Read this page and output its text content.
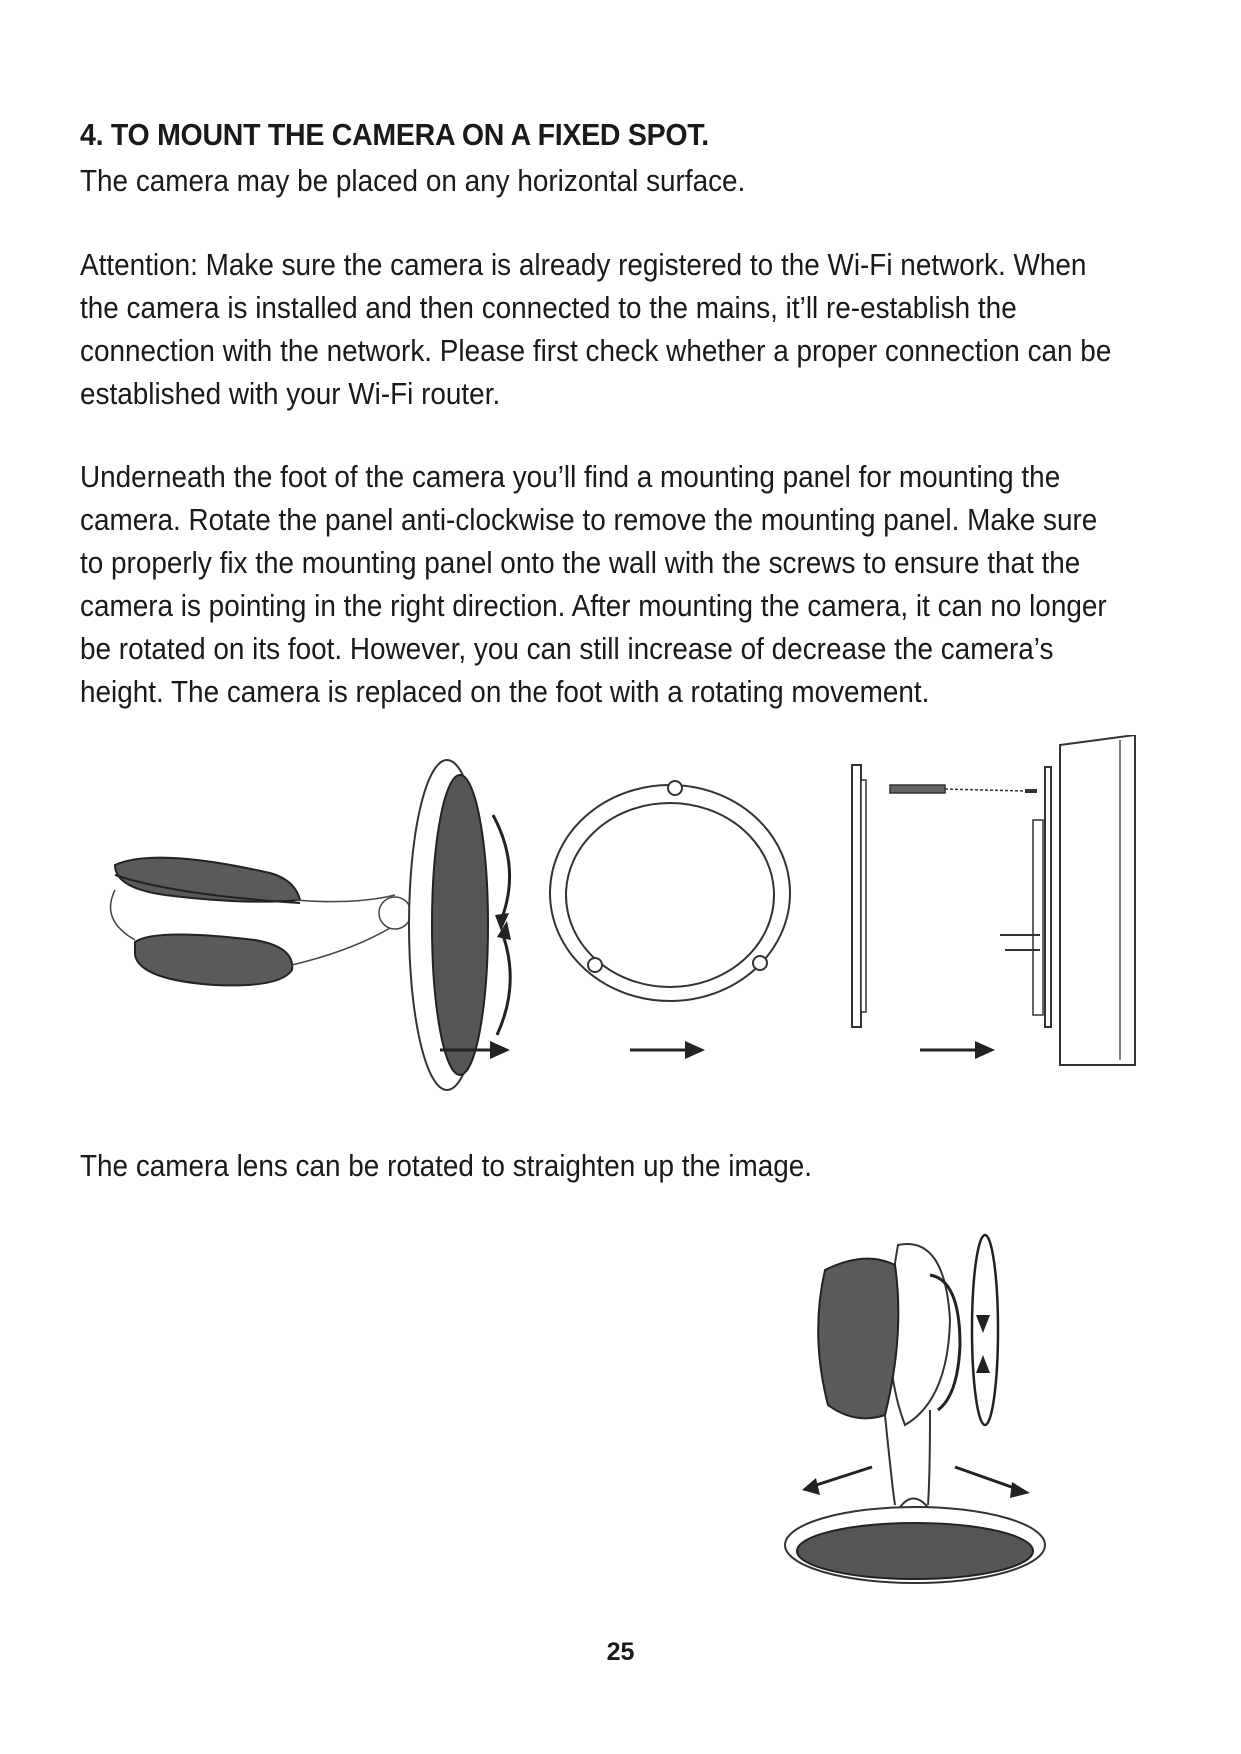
4. TO MOUNT THE CAMERA ON A FIXED SPOT.
The camera may be placed on any horizontal surface.
Attention: Make sure the camera is already registered to the Wi-Fi network. When
the camera is installed and then connected to the mains, it’ll re-establish the
connection with the network. Please first check whether a proper connection can be
established with your Wi-Fi router.
Underneath the foot of the camera you’ll find a mounting panel for mounting the
camera. Rotate the panel anti-clockwise to remove the mounting panel. Make sure
to properly fix the mounting panel onto the wall with the screws to ensure that the
camera is pointing in the right direction. After mounting the camera, it can no longer
be rotated on its foot. However, you can still increase of decrease the camera’s
height. The camera is replaced on the foot with a rotating movement.
The camera lens can be rotated to straighten up the image.
25
